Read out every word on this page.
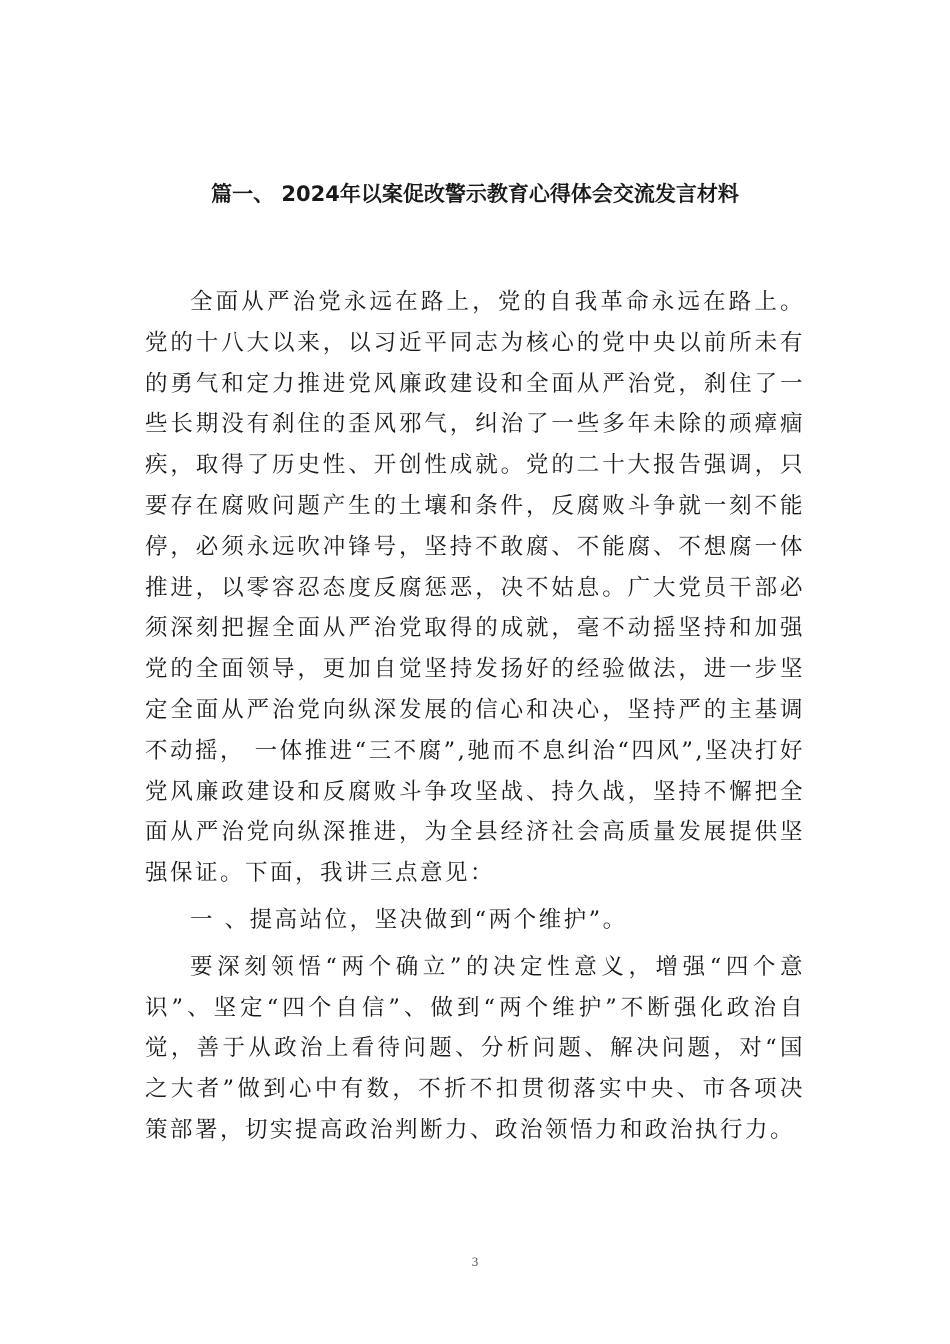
篇一、 2024年以案促改警示教育心得体会交流发言材料

全面从严治党永远在路上，党的自我革命永远在路上。党的十八大以来，以习近平同志为核心的党中央以前所未有的勇气和定力推进党风廉政建设和全面从严治党，刹住了一些长期没有刹住的歪风邪气，纠治了一些多年未除的顽瘴痼疾，取得了历史性、开创性成就。党的二十大报告强调，只要存在腐败问题产生的土壤和条件，反腐败斗争就一刻不能停，必须永远吹冲锋号，坚持不敢腐、不能腐、不想腐一体推进，以零容忍态度反腐惩恶，决不姑息。广大党员干部必须深刻把握全面从严治党取得的成就，毫不动摇坚持和加强党的全面领导，更加自觉坚持发扬好的经验做法，进一步坚定全面从严治党向纵深发展的信心和决心，坚持严的主基调不动摇， 一体推进“三不腐”,驰而不息纠治“四风”,坚决打好党风廉政建设和反腐败斗争攻坚战、持久战，坚持不懈把全面从严治党向纵深推进，为全县经济社会高质量发展提供坚强保证。下面，我讲三点意见：

一 、提高站位，坚决做到“两个维护”。

要深刻领悟“两个确立”的决定性意义，增强“四个意识”、坚定“四个自信”、做到“两个维护”不断强化政治自觉，善于从政治上看待问题、分析问题、解决问题，对“国之大者”做到心中有数，不折不扣贯彻落实中央、市各项决策部署，切实提高政治判断力、政治领悟力和政治执行力。

3
